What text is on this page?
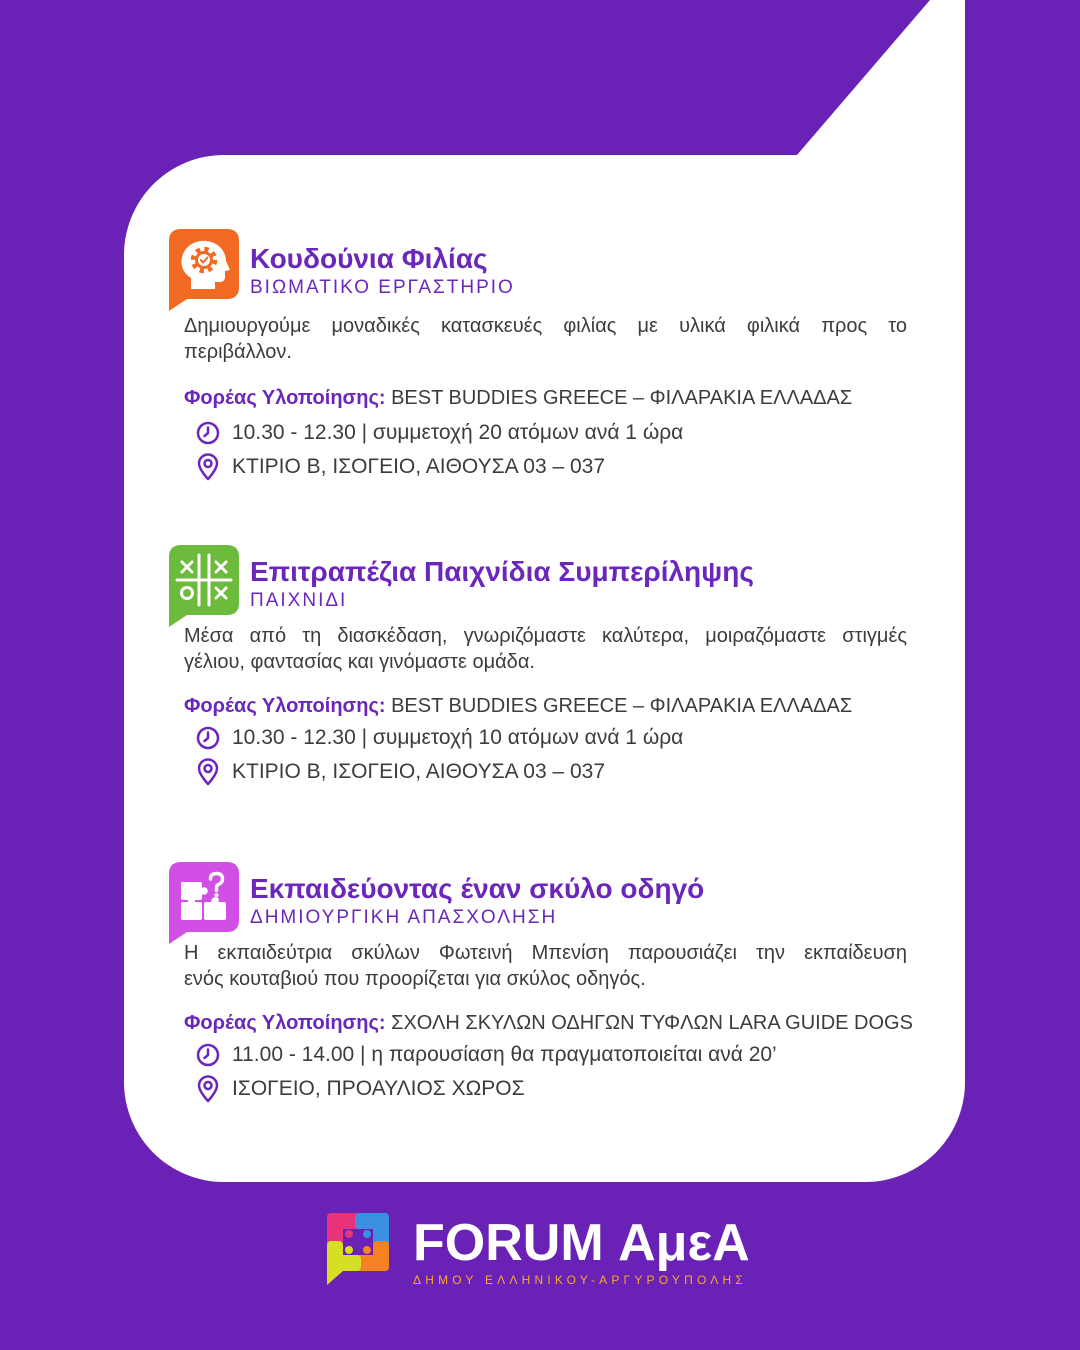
Κουδούνια Φιλίας
ΒΙΩΜΑΤΙΚΟ ΕΡΓΑΣΤΗΡΙΟ
Δημιουργούμε μοναδικές κατασκευές φιλίας με υλικά φιλικά προς το
περιβάλλον.
Φορέας Υλοποίησης: BEST BUDDIES GREECE – ΦΙΛΑΡΑΚΙΑ ΕΛΛΑΔΑΣ
10.30 - 12.30 | συμμετοχή 20 ατόμων ανά 1 ώρα
ΚΤΙΡΙΟ Β, ΙΣΟΓΕΙΟ, ΑΙΘΟΥΣΑ 03 – 037
Επιτραπέζια Παιχνίδια Συμπερίληψης
ΠΑΙΧΝΙΔΙ
Μέσα από τη διασκέδαση, γνωριζόμαστε καλύτερα, μοιραζόμαστε στιγμές
γέλιου, φαντασίας και γινόμαστε ομάδα.
Φορέας Υλοποίησης: BEST BUDDIES GREECE – ΦΙΛΑΡΑΚΙΑ ΕΛΛΑΔΑΣ
10.30 - 12.30 | συμμετοχή 10 ατόμων ανά 1 ώρα
ΚΤΙΡΙΟ Β, ΙΣΟΓΕΙΟ, ΑΙΘΟΥΣΑ 03 – 037
Εκπαιδεύοντας έναν σκύλο οδηγό
ΔΗΜΙΟΥΡΓΙΚΗ ΑΠΑΣΧΟΛΗΣΗ
Η εκπαιδεύτρια σκύλων Φωτεινή Μπενίση παρουσιάζει την εκπαίδευση
ενός κουταβιού που προορίζεται για σκύλος οδηγός.
Φορέας Υλοποίησης: ΣΧΟΛΗ ΣΚΥΛΩΝ ΟΔΗΓΩΝ ΤΥΦΛΩΝ LARA GUIDE DOGS
11.00 - 14.00 | η παρουσίαση θα πραγματοποιείται ανά 20’
ΙΣΟΓΕΙΟ, ΠΡΟΑΥΛΙΟΣ ΧΩΡΟΣ
FORUM ΑμεΑ
ΔΗΜΟΥ ΕΛΛΗΝΙΚΟΥ-ΑΡΓΥΡΟΥΠΟΛΗΣ
